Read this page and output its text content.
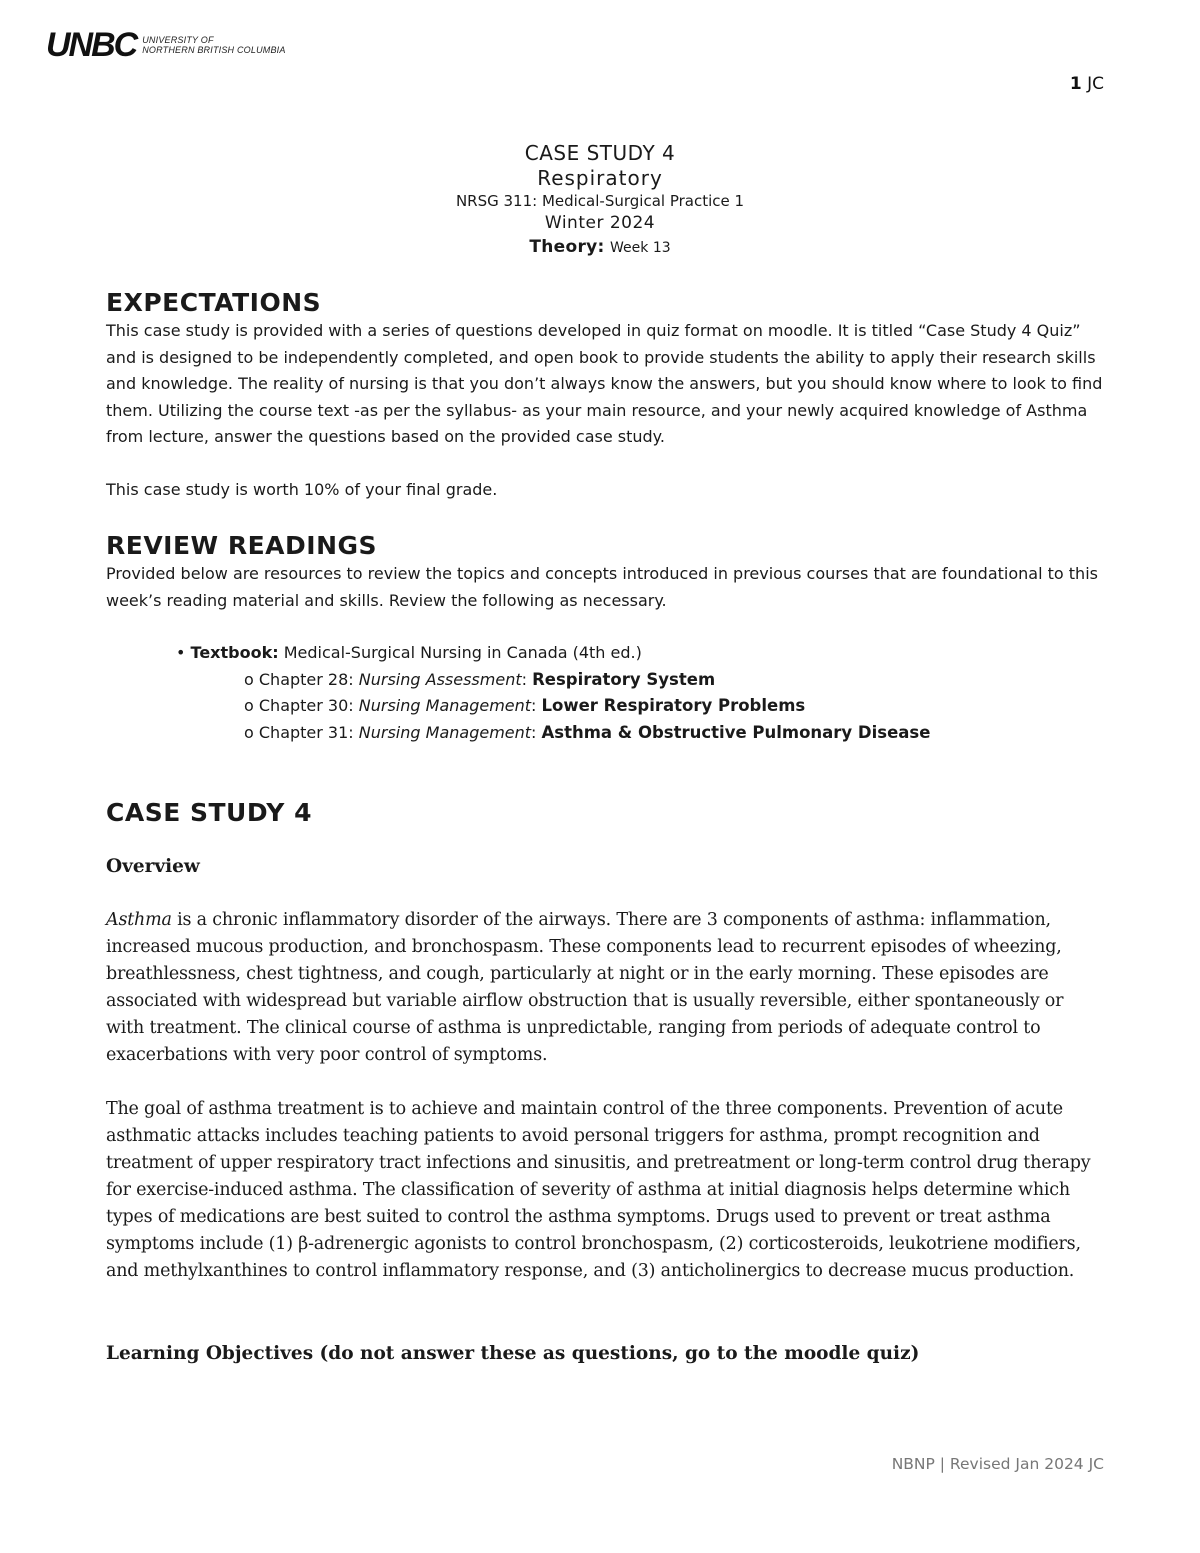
UNBC UNIVERSITY OF
NORTHERN BRITISH COLUMBIA
1 JC
CASE STUDY 4
Respiratory
NRSG 311: Medical-Surgical Practice 1
Winter 2024
Theory: Week 13
EXPECTATIONS

This case study is provided with a series of questions developed in quiz format on moodle. It is titled “Case Study 4 Quiz” and is designed to be independently completed, and open book to provide students the ability to apply their research skills and knowledge. The reality of nursing is that you don’t always know the answers, but you should know where to look to find them. Utilizing the course text -as per the syllabus- as your main resource, and your newly acquired knowledge of Asthma from lecture, answer the questions based on the provided case study.

This case study is worth 10% of your final grade.

REVIEW READINGS

Provided below are resources to review the topics and concepts introduced in previous courses that are foundational to this week’s reading material and skills. Review the following as necessary.

• Textbook: Medical-Surgical Nursing in Canada (4th ed.)
o Chapter 28: Nursing Assessment: Respiratory System
o Chapter 30: Nursing Management: Lower Respiratory Problems
o Chapter 31: Nursing Management: Asthma & Obstructive Pulmonary Disease
CASE STUDY 4
Overview

Asthma is a chronic inflammatory disorder of the airways. There are 3 components of asthma: inflammation, increased mucous production, and bronchospasm. These components lead to recurrent episodes of wheezing, breathlessness, chest tightness, and cough, particularly at night or in the early morning. These episodes are associated with widespread but variable airflow obstruction that is usually reversible, either spontaneously or with treatment. The clinical course of asthma is unpredictable, ranging from periods of adequate control to exacerbations with very poor control of symptoms.

The goal of asthma treatment is to achieve and maintain control of the three components. Prevention of acute asthmatic attacks includes teaching patients to avoid personal triggers for asthma, prompt recognition and treatment of upper respiratory tract infections and sinusitis, and pretreatment or long-term control drug therapy for exercise-induced asthma. The classification of severity of asthma at initial diagnosis helps determine which types of medications are best suited to control the asthma symptoms. Drugs used to prevent or treat asthma symptoms include (1) β-adrenergic agonists to control bronchospasm, (2) corticosteroids, leukotriene modifiers, and methylxanthines to control inflammatory response, and (3) anticholinergics to decrease mucus production.

Learning Objectives (do not answer these as questions, go to the moodle quiz)
NBNP | Revised Jan 2024 JC
